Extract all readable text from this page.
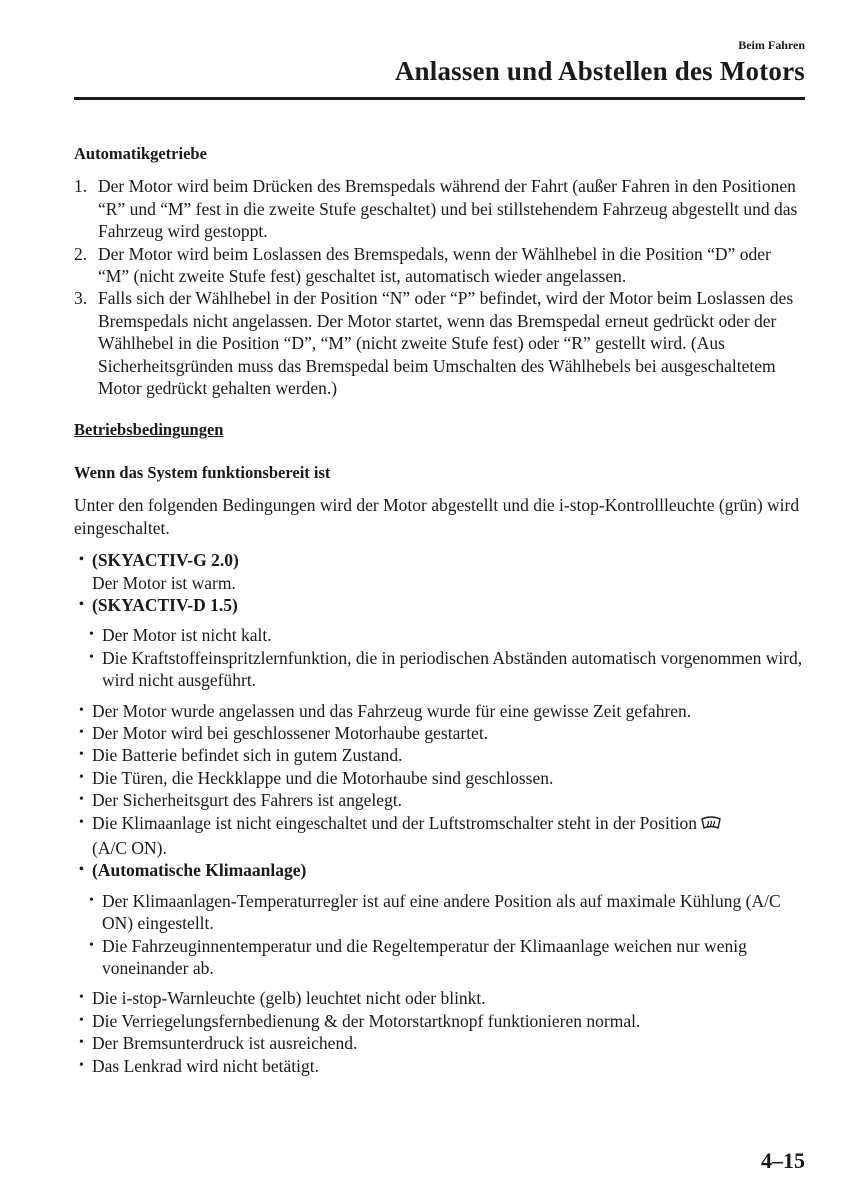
Beim Fahren
Anlassen und Abstellen des Motors
Automatikgetriebe
1. Der Motor wird beim Drücken des Bremspedals während der Fahrt (außer Fahren in den Positionen “R” und “M” fest in die zweite Stufe geschaltet) und bei stillstehendem Fahrzeug abgestellt und das Fahrzeug wird gestoppt.
2. Der Motor wird beim Loslassen des Bremspedals, wenn der Wählhebel in die Position “D” oder “M” (nicht zweite Stufe fest) geschaltet ist, automatisch wieder angelassen.
3. Falls sich der Wählhebel in der Position “N” oder “P” befindet, wird der Motor beim Loslassen des Bremspedals nicht angelassen. Der Motor startet, wenn das Bremspedal erneut gedrückt oder der Wählhebel in die Position “D”, “M” (nicht zweite Stufe fest) oder “R” gestellt wird. (Aus Sicherheitsgründen muss das Bremspedal beim Umschalten des Wählhebels bei ausgeschaltetem Motor gedrückt gehalten werden.)
Betriebsbedingungen
Wenn das System funktionsbereit ist
Unter den folgenden Bedingungen wird der Motor abgestellt und die i-stop-Kontrollleuchte (grün) wird eingeschaltet.
• (SKYACTIV-G 2.0)
Der Motor ist warm.
• (SKYACTIV-D 1.5)
• Der Motor ist nicht kalt.
• Die Kraftstoffeinspritzlernfunktion, die in periodischen Abständen automatisch vorgenommen wird, wird nicht ausgeführt.
• Der Motor wurde angelassen und das Fahrzeug wurde für eine gewisse Zeit gefahren.
• Der Motor wird bei geschlossener Motorhaube gestartet.
• Die Batterie befindet sich in gutem Zustand.
• Die Türen, die Heckklappe und die Motorhaube sind geschlossen.
• Der Sicherheitsgurt des Fahrers ist angelegt.
• Die Klimaanlage ist nicht eingeschaltet und der Luftstromschalter steht in der Position
(A/C ON).
• (Automatische Klimaanlage)
• Der Klimaanlagen-Temperaturregler ist auf eine andere Position als auf maximale Kühlung (A/C ON) eingestellt.
• Die Fahrzeuginnentemperatur und die Regeltemperatur der Klimaanlage weichen nur wenig voneinander ab.
• Die i-stop-Warnleuchte (gelb) leuchtet nicht oder blinkt.
• Die Verriegelungsfernbedienung & der Motorstartknopf funktionieren normal.
• Der Bremsunterdruck ist ausreichend.
• Das Lenkrad wird nicht betätigt.
4–15
